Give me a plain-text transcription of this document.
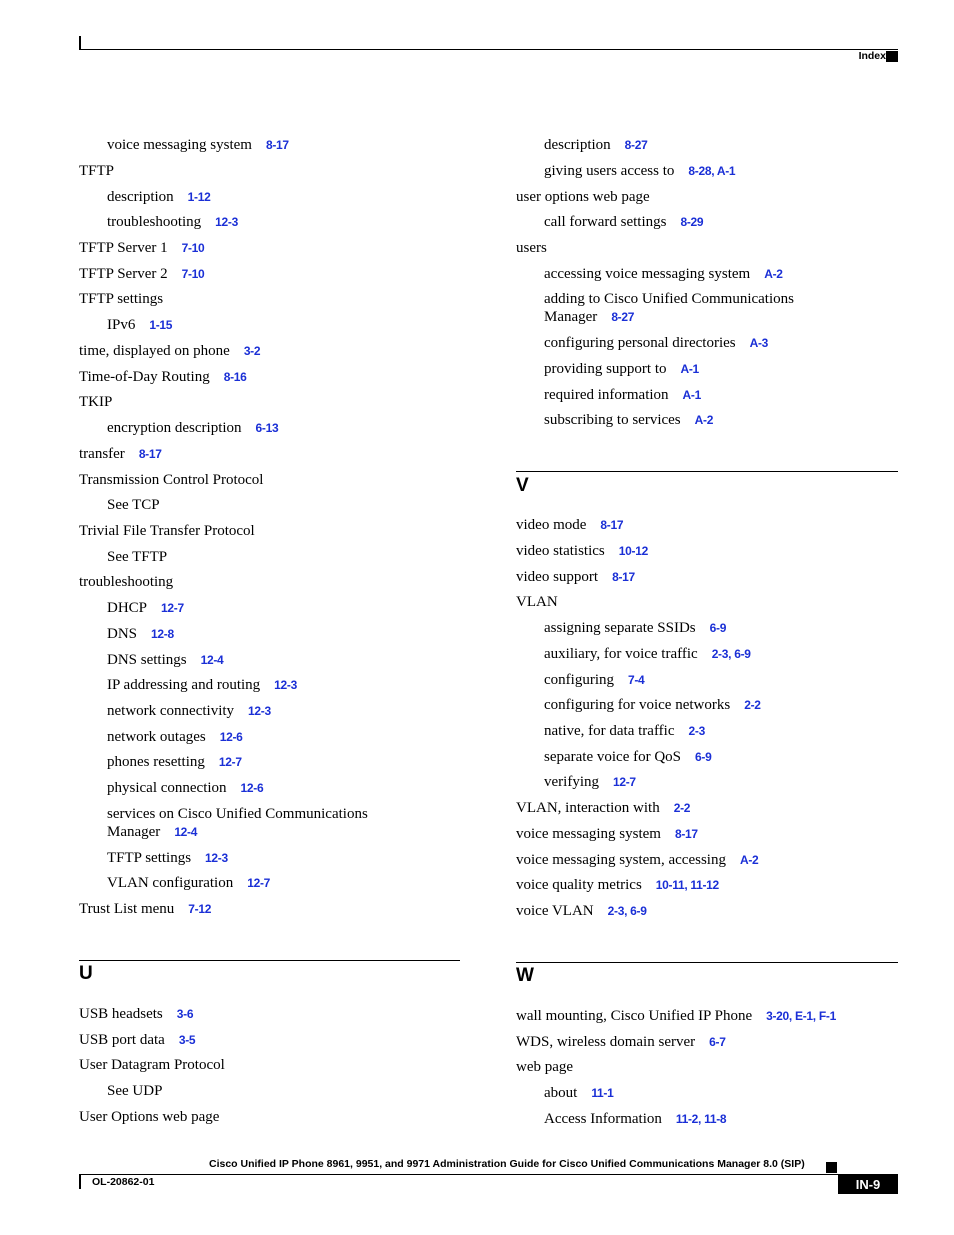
Index
voice messaging system 8-17
TFTP
description 1-12
troubleshooting 12-3
TFTP Server 1 7-10
TFTP Server 2 7-10
TFTP settings
IPv6 1-15
time, displayed on phone 3-2
Time-of-Day Routing 8-16
TKIP
encryption description 6-13
transfer 8-17
Transmission Control Protocol
See TCP
Trivial File Transfer Protocol
See TFTP
troubleshooting
DHCP 12-7
DNS 12-8
DNS settings 12-4
IP addressing and routing 12-3
network connectivity 12-3
network outages 12-6
phones resetting 12-7
physical connection 12-6
services on Cisco Unified Communications Manager 12-4
TFTP settings 12-3
VLAN configuration 12-7
Trust List menu 7-12
USB headsets 3-6
USB port data 3-5
User Datagram Protocol
See UDP
User Options web page
description 8-27
giving users access to 8-28, A-1
user options web page
call forward settings 8-29
users
accessing voice messaging system A-2
adding to Cisco Unified Communications Manager 8-27
configuring personal directories A-3
providing support to A-1
required information A-1
subscribing to services A-2
video mode 8-17
video statistics 10-12
video support 8-17
VLAN
assigning separate SSIDs 6-9
auxiliary, for voice traffic 2-3, 6-9
configuring 7-4
configuring for voice networks 2-2
native, for data traffic 2-3
separate voice for QoS 6-9
verifying 12-7
VLAN, interaction with 2-2
voice messaging system 8-17
voice messaging system, accessing A-2
voice quality metrics 10-11, 11-12
voice VLAN 2-3, 6-9
wall mounting, Cisco Unified IP Phone 3-20, E-1, F-1
WDS, wireless domain server 6-7
web page
about 11-1
Access Information 11-2, 11-8
U
V
W
Cisco Unified IP Phone 8961, 9951, and 9971 Administration Guide for Cisco Unified Communications Manager 8.0 (SIP)
OL-20862-01	IN-9
